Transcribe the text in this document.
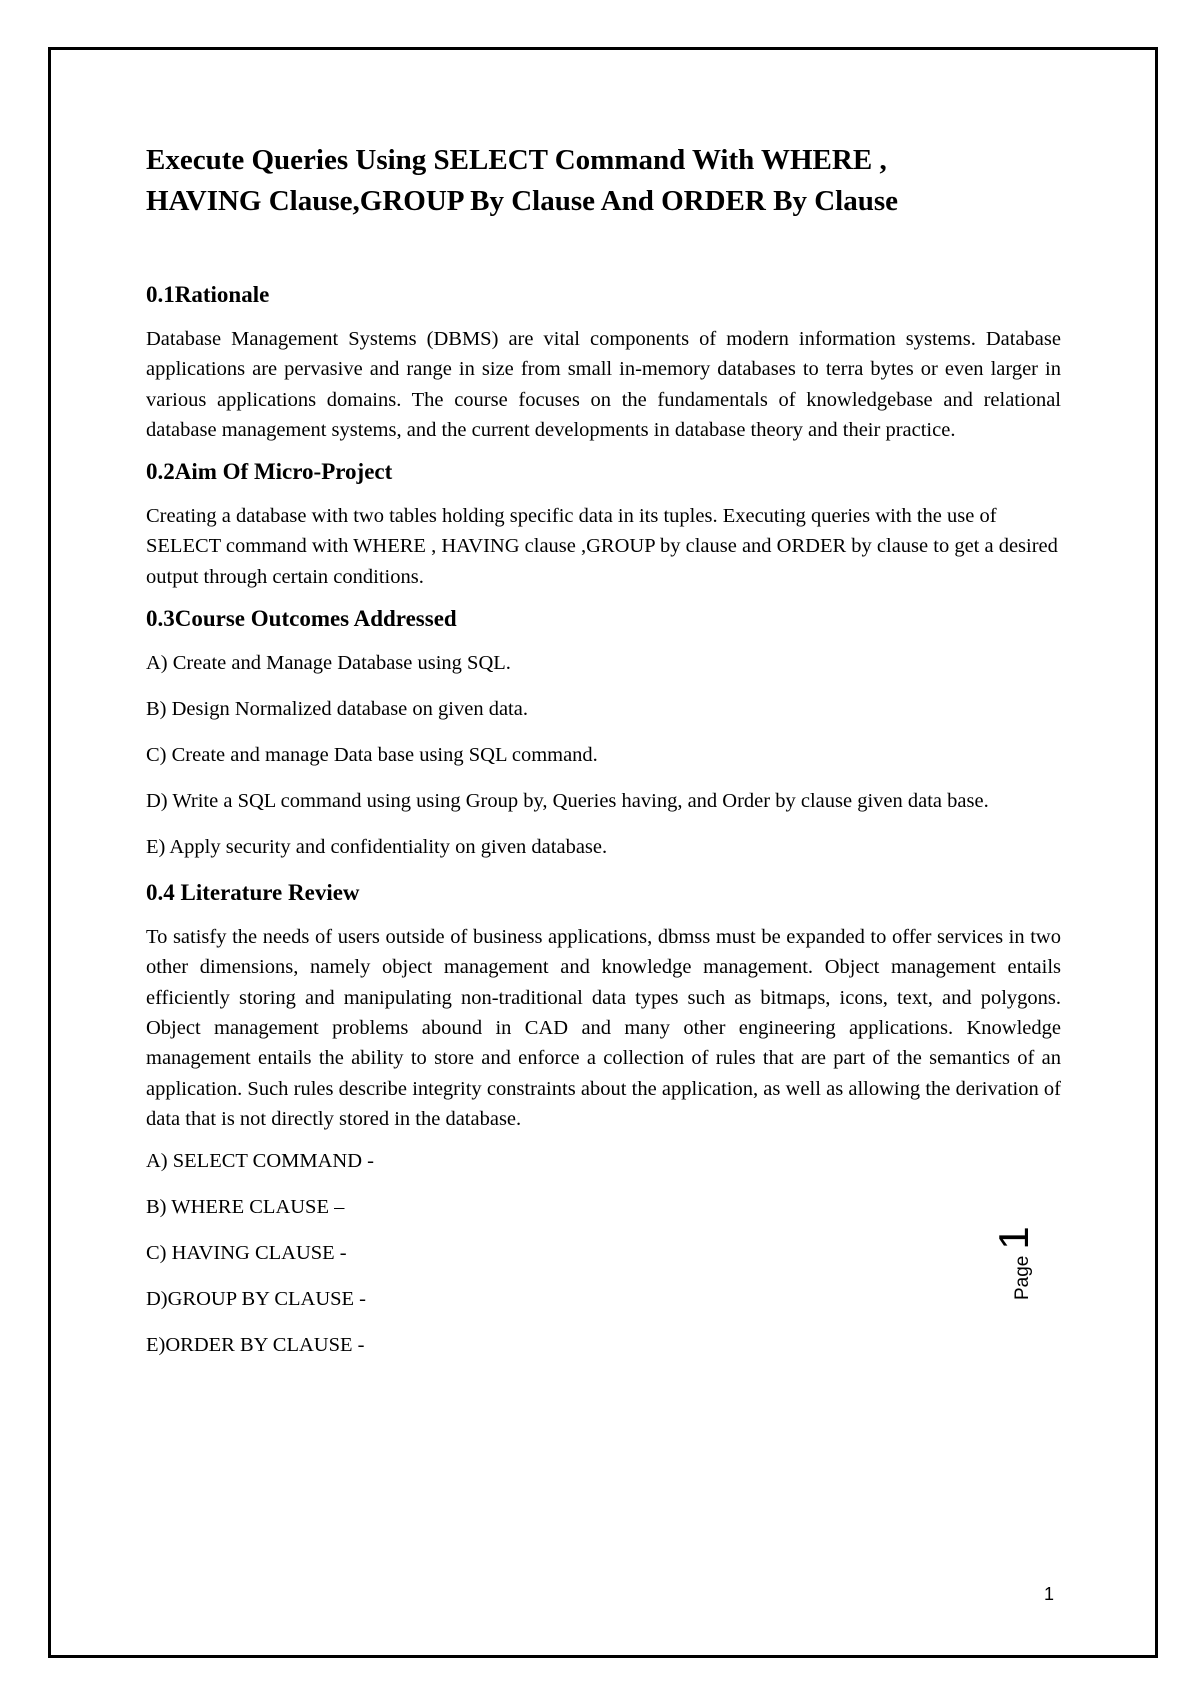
Execute Queries Using SELECT Command With WHERE ,
HAVING Clause,GROUP By Clause And ORDER By Clause
0.1Rationale

Database Management Systems (DBMS) are vital components of modern information systems. Database applications are pervasive and range in size from small in-memory databases to terra bytes or even larger in various applications domains. The course focuses on the fundamentals of knowledgebase and relational database management systems, and the current developments in database theory and their practice.

0.2Aim Of Micro-Project

Creating a database with two tables holding specific data in its tuples. Executing queries with the use of SELECT command with WHERE , HAVING clause ,GROUP by clause and ORDER by clause to get a desired output through certain conditions.

0.3Course Outcomes Addressed

A) Create and Manage Database using SQL.

B) Design Normalized database on given data.

C) Create and manage Data base using SQL command.

D) Write a SQL command using using Group by, Queries having, and Order by clause given data base.

E) Apply security and confidentiality on given database.

0.4 Literature Review

To satisfy the needs of users outside of business applications, dbmss must be expanded to offer services in two other dimensions, namely object management and knowledge management. Object management entails efficiently storing and manipulating non-traditional data types such as bitmaps, icons, text, and polygons. Object management problems abound in CAD and many other engineering applications. Knowledge management entails the ability to store and enforce a collection of rules that are part of the semantics of an application. Such rules describe integrity constraints about the application, as well as allowing the derivation of data that is not directly stored in the database.

A) SELECT COMMAND -

B) WHERE CLAUSE –

C) HAVING CLAUSE -

D)GROUP BY CLAUSE -

E)ORDER BY CLAUSE -

Page
1
1
